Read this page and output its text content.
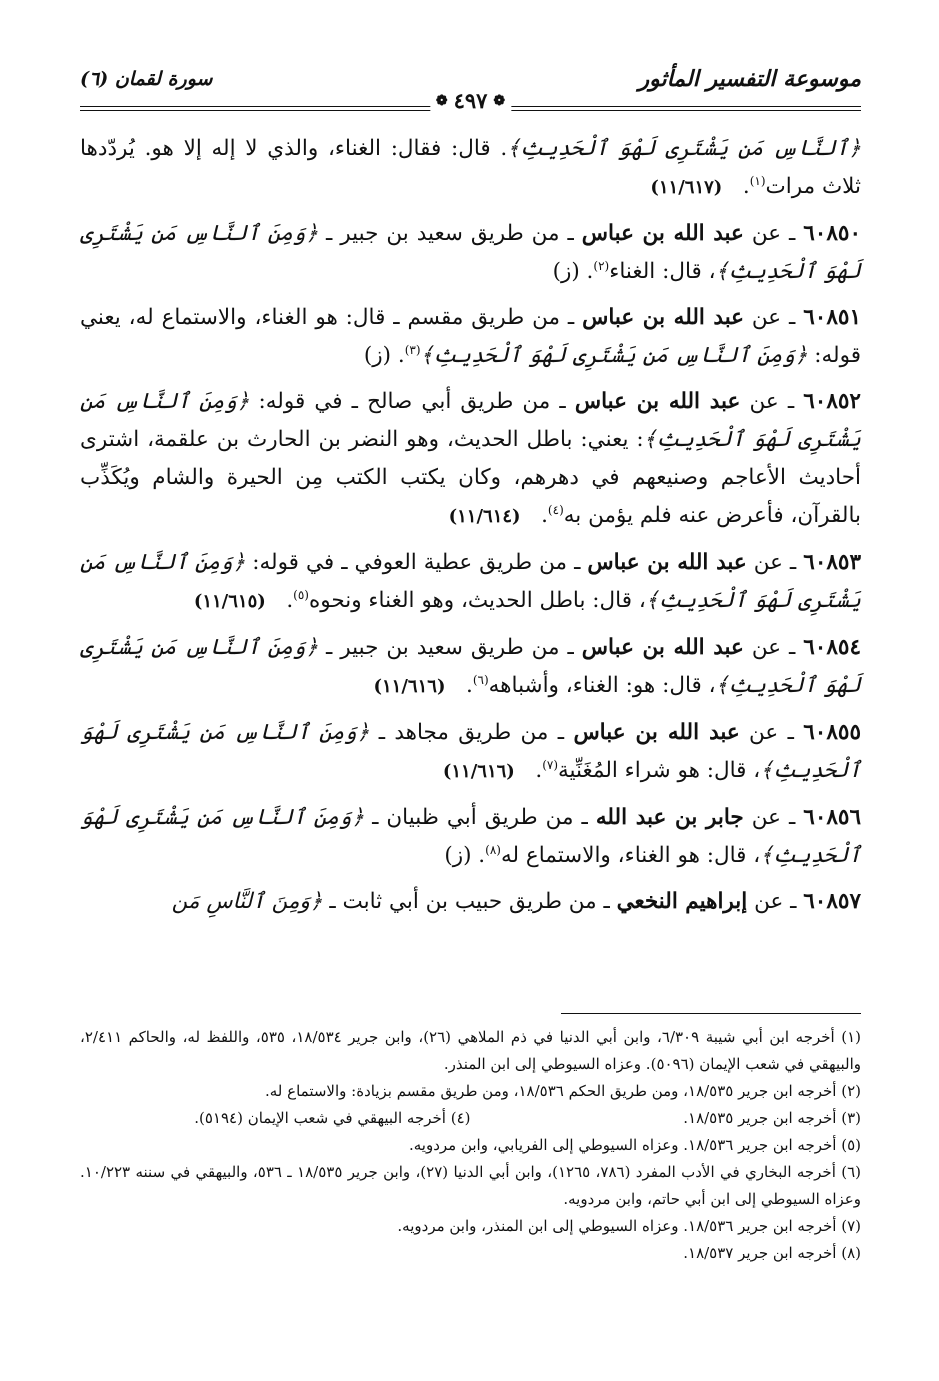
موسوعة التفسير المأثور
سورة لقمان (٦)
❁
٤٩٧
❁

﴿ٱلنَّاسِ مَن يَشْتَرِى لَهْوَ ٱلْحَدِيثِ﴾. قال: فقال: الغناء، والذي لا إله إلا هو. يُردّدها ثلاث مرات$^{(١)}$.   (١١/٦١٧)

٦٠٨٥٠ ـ عن عبد الله بن عباس ـ من طريق سعيد بن جبير ـ ﴿وَمِنَ ٱلنَّاسِ مَن يَشْتَرِى لَهْوَ ٱلْحَدِيثِ﴾، قال: الغناء$^{(٢)}$. (ز)

٦٠٨٥١ ـ عن عبد الله بن عباس ـ من طريق مقسم ـ قال: هو الغناء، والاستماع له، يعني قوله: ﴿وَمِنَ ٱلنَّاسِ مَن يَشْتَرِى لَهْوَ ٱلْحَدِيثِ﴾$^{(٣)}$. (ز)

٦٠٨٥٢ ـ عن عبد الله بن عباس ـ من طريق أبي صالح ـ في قوله: ﴿وَمِنَ ٱلنَّاسِ مَن يَشْتَرِى لَهْوَ ٱلْحَدِيثِ﴾: يعني: باطل الحديث، وهو النضر بن الحارث بن علقمة، اشترى أحاديث الأعاجم وصنيعهم في دهرهم، وكان يكتب الكتب مِن الحيرة والشام ويُكَذِّب بالقرآن، فأعرض عنه فلم يؤمن به$^{(٤)}$.   (١١/٦١٤)

٦٠٨٥٣ ـ عن عبد الله بن عباس ـ من طريق عطية العوفي ـ في قوله: ﴿وَمِنَ ٱلنَّاسِ مَن يَشْتَرِى لَهْوَ ٱلْحَدِيثِ﴾، قال: باطل الحديث، وهو الغناء ونحوه$^{(٥)}$.   (١١/٦١٥)

٦٠٨٥٤ ـ عن عبد الله بن عباس ـ من طريق سعيد بن جبير ـ ﴿وَمِنَ ٱلنَّاسِ مَن يَشْتَرِى لَهْوَ ٱلْحَدِيثِ﴾، قال: هو: الغناء، وأشباهه$^{(٦)}$.   (١١/٦١٦)

٦٠٨٥٥ ـ عن عبد الله بن عباس ـ من طريق مجاهد ـ ﴿وَمِنَ ٱلنَّاسِ مَن يَشْتَرِى لَهْوَ ٱلْحَدِيثِ﴾، قال: هو شراء المُغَنِّية$^{(٧)}$.   (١١/٦١٦)

٦٠٨٥٦ ـ عن جابر بن عبد الله ـ من طريق أبي ظبيان ـ ﴿وَمِنَ ٱلنَّاسِ مَن يَشْتَرِى لَهْوَ ٱلْحَدِيثِ﴾، قال: هو الغناء، والاستماع له$^{(٨)}$. (ز)

٦٠٨٥٧ ـ عن إبراهيم النخعي ـ من طريق حبيب بن أبي ثابت ـ ﴿وَمِنَ ٱلنَّاسِ مَن

(١) أخرجه ابن أبي شيبة ٦/٣٠٩، وابن أبي الدنيا في ذم الملاهي (٢٦)، وابن جرير ١٨/٥٣٤، ٥٣٥، واللفظ له، والحاكم ٢/٤١١، والبيهقي في شعب الإيمان (٥٠٩٦). وعزاه السيوطي إلى ابن المنذر.

(٢) أخرجه ابن جرير ١٨/٥٣٥، ومن طريق الحكم ١٨/٥٣٦، ومن طريق مقسم بزيادة: والاستماع له.

(٣) أخرجه ابن جرير ١٨/٥٣٥.

(٤) أخرجه البيهقي في شعب الإيمان (٥١٩٤).

(٥) أخرجه ابن جرير ١٨/٥٣٦. وعزاه السيوطي إلى الفريابي، وابن مردويه.

(٦) أخرجه البخاري في الأدب المفرد (٧٨٦، ١٢٦٥)، وابن أبي الدنيا (٢٧)، وابن جرير ١٨/٥٣٥ ـ ٥٣٦، والبيهقي في سننه ١٠/٢٢٣. وعزاه السيوطي إلى ابن أبي حاتم، وابن مردويه.

(٧) أخرجه ابن جرير ١٨/٥٣٦. وعزاه السيوطي إلى ابن المنذر، وابن مردويه.

(٨) أخرجه ابن جرير ١٨/٥٣٧.
